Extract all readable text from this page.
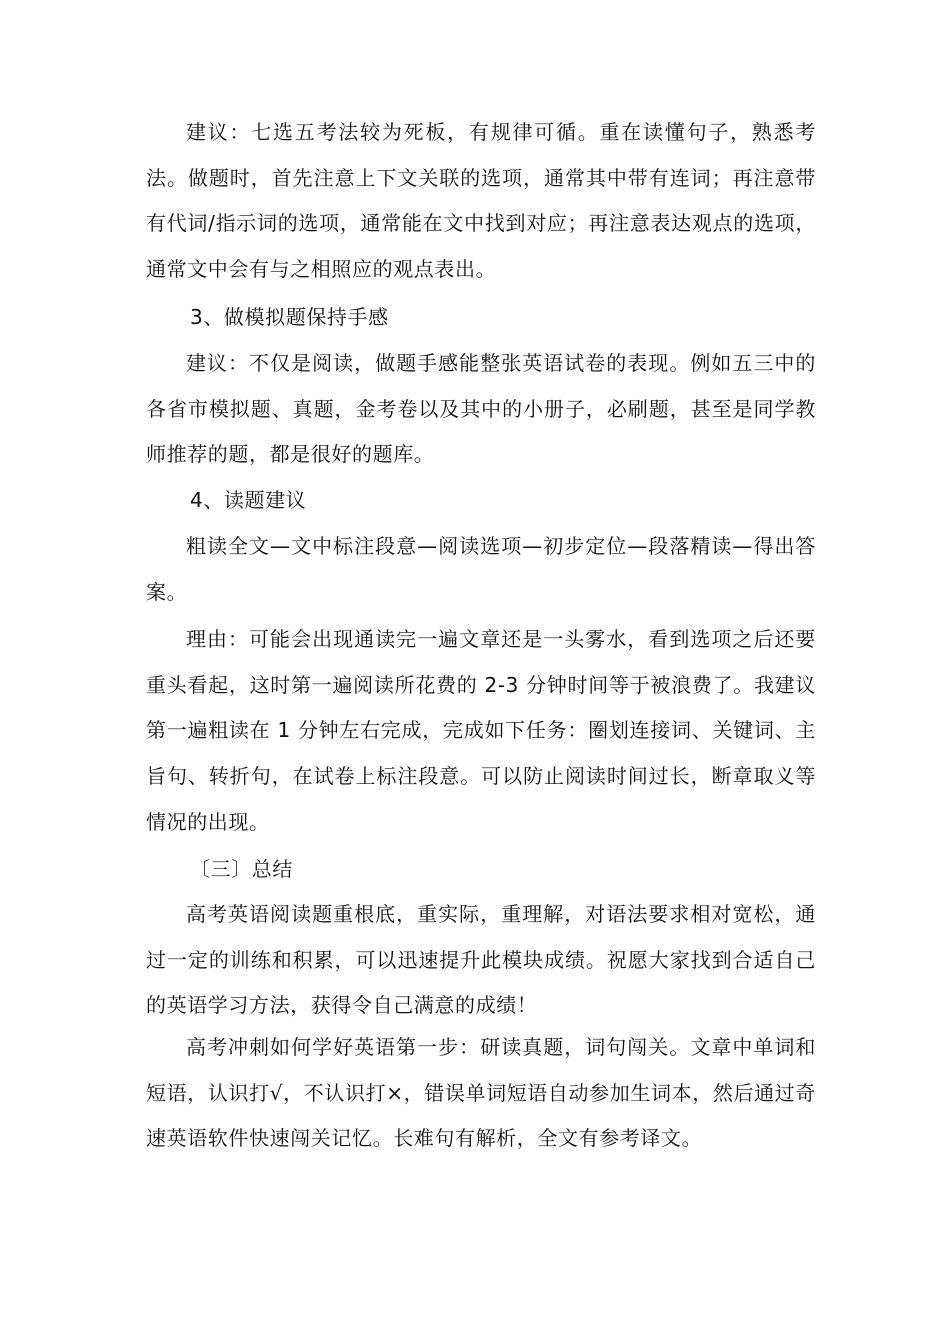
建议：七选五考法较为死板，有规律可循。重在读懂句子，熟悉考法。做题时，首先注意上下文关联的选项，通常其中带有连词；再注意带有代词/指示词的选项，通常能在文中找到对应；再注意表达观点的选项，通常文中会有与之相照应的观点表出。

3、做模拟题保持手感

建议：不仅是阅读，做题手感能整张英语试卷的表现。例如五三中的各省市模拟题、真题，金考卷以及其中的小册子，必刷题，甚至是同学教师推荐的题，都是很好的题库。

4、读题建议

粗读全文—文中标注段意—阅读选项—初步定位—段落精读—得出答案。

理由：可能会出现通读完一遍文章还是一头雾水，看到选项之后还要重头看起，这时第一遍阅读所花费的 2-3 分钟时间等于被浪费了。我建议第一遍粗读在 1 分钟左右完成，完成如下任务：圈划连接词、关键词、主旨句、转折句，在试卷上标注段意。可以防止阅读时间过长，断章取义等情况的出现。

〔三〕总结

高考英语阅读题重根底，重实际，重理解，对语法要求相对宽松，通过一定的训练和积累，可以迅速提升此模块成绩。祝愿大家找到合适自己的英语学习方法，获得令自己满意的成绩！

高考冲刺如何学好英语第一步：研读真题，词句闯关。文章中单词和短语，认识打√，不认识打×，错误单词短语自动参加生词本，然后通过奇速英语软件快速闯关记忆。长难句有解析，全文有参考译文。
